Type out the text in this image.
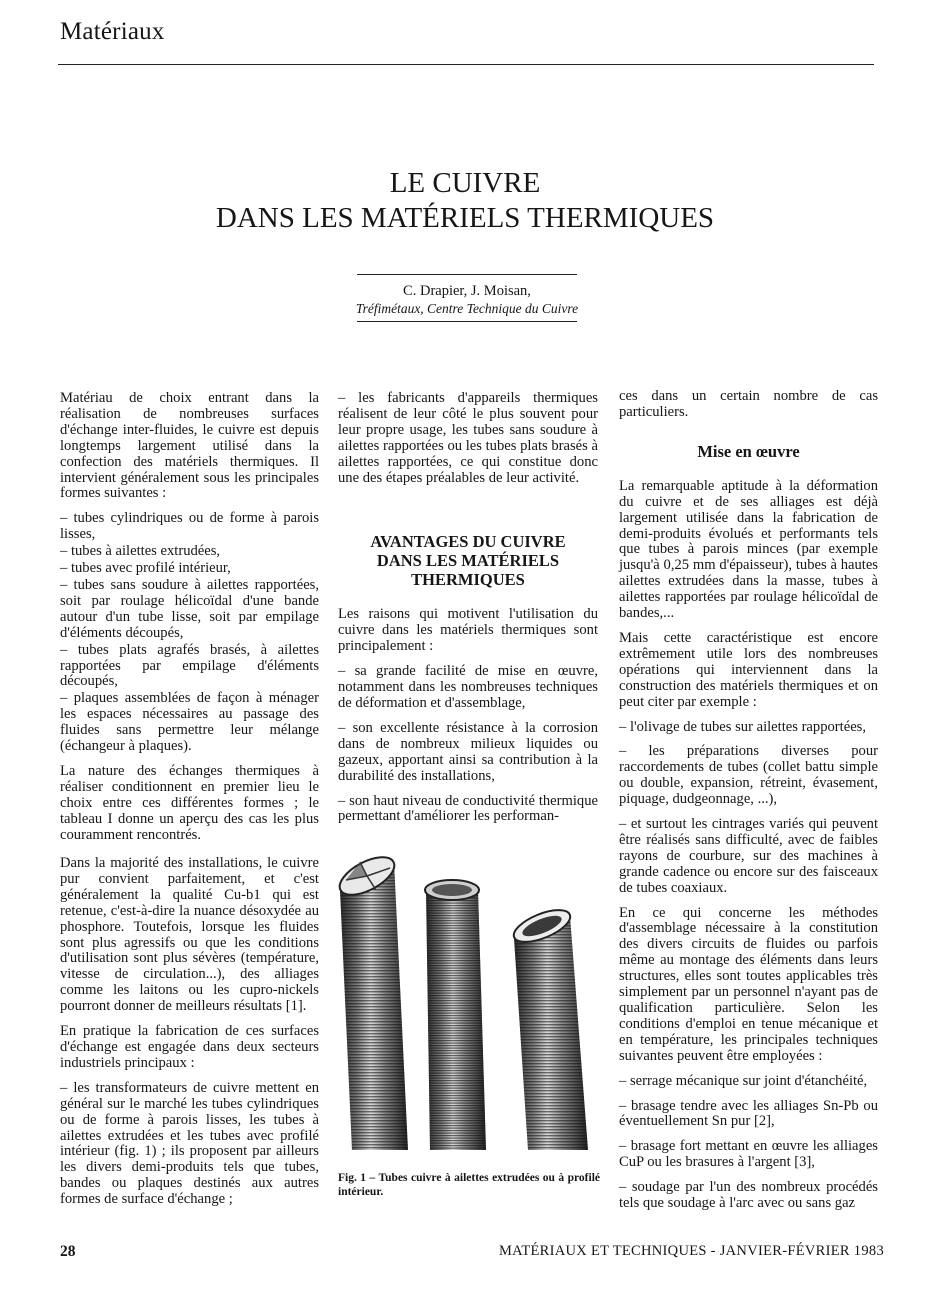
Matériaux
LE CUIVRE
DANS LES MATÉRIELS THERMIQUES
C. Drapier, J. Moisan,
Tréfimétaux, Centre Technique du Cuivre

Matériau de choix entrant dans la réalisation de nombreuses surfaces d'échange inter-fluides, le cuivre est depuis longtemps largement utilisé dans la confection des matériels thermiques. Il intervient généralement sous les principales formes suivantes :

– tubes cylindriques ou de forme à parois lisses,

– tubes à ailettes extrudées,

– tubes avec profilé intérieur,

– tubes sans soudure à ailettes rapportées, soit par roulage hélicoïdal d'une bande autour d'un tube lisse, soit par empilage d'éléments découpés,

– tubes plats agrafés brasés, à ailettes rapportées par empilage d'éléments découpés,

– plaques assemblées de façon à ménager les espaces nécessaires au passage des fluides sans permettre leur mélange (échangeur à plaques).

La nature des échanges thermiques à réaliser conditionnent en premier lieu le choix entre ces différentes formes ; le tableau I donne un aperçu des cas les plus couramment rencontrés.

Dans la majorité des installations, le cuivre pur convient parfaitement, et c'est généralement la qualité Cu-b1 qui est retenue, c'est-à-dire la nuance désoxydée au phosphore. Toutefois, lorsque les fluides sont plus agressifs ou que les conditions d'utilisation sont plus sévères (température, vitesse de circulation...), des alliages comme les laitons ou les cupro-nickels pourront donner de meilleurs résultats [1].

En pratique la fabrication de ces surfaces d'échange est engagée dans deux secteurs industriels principaux :

– les transformateurs de cuivre mettent en général sur le marché les tubes cylindriques ou de forme à parois lisses, les tubes à ailettes extrudées et les tubes avec profilé intérieur (fig. 1) ; ils proposent par ailleurs les divers demi-produits tels que tubes, bandes ou plaques destinés aux autres formes de surface d'échange ;

– les fabricants d'appareils thermiques réalisent de leur côté le plus souvent pour leur propre usage, les tubes sans soudure à ailettes rapportées ou les tubes plats brasés à ailettes rapportées, ce qui constitue donc une des étapes préalables de leur activité.

AVANTAGES DU CUIVRE
DANS LES MATÉRIELS
THERMIQUES

Les raisons qui motivent l'utilisation du cuivre dans les matériels thermiques sont principalement :

– sa grande facilité de mise en œuvre, notamment dans les nombreuses techniques de déformation et d'assemblage,

– son excellente résistance à la corrosion dans de nombreux milieux liquides ou gazeux, apportant ainsi sa contribution à la durabilité des installations,

– son haut niveau de conductivité thermique permettant d'améliorer les performan-

Fig. 1 – Tubes cuivre à ailettes extrudées ou à profilé intérieur.

ces dans un certain nombre de cas particuliers.

Mise en œuvre

La remarquable aptitude à la déformation du cuivre et de ses alliages est déjà largement utilisée dans la fabrication de demi-produits évolués et performants tels que tubes à parois minces (par exemple jusqu'à 0,25 mm d'épaisseur), tubes à hautes ailettes extrudées dans la masse, tubes à ailettes rapportées par roulage hélicoïdal de bandes,...

Mais cette caractéristique est encore extrêmement utile lors des nombreuses opérations qui interviennent dans la construction des matériels thermiques et on peut citer par exemple :

– l'olivage de tubes sur ailettes rapportées,

– les préparations diverses pour raccordements de tubes (collet battu simple ou double, expansion, rétreint, évasement, piquage, dudgeonnage, ...),

– et surtout les cintrages variés qui peuvent être réalisés sans difficulté, avec de faibles rayons de courbure, sur des machines à grande cadence ou encore sur des faisceaux de tubes coaxiaux.

En ce qui concerne les méthodes d'assemblage nécessaire à la constitution des divers circuits de fluides ou parfois même au montage des éléments dans leurs structures, elles sont toutes applicables très simplement par un personnel n'ayant pas de qualification particulière. Selon les conditions d'emploi en tenue mécanique et en température, les principales techniques suivantes peuvent être employées :

– serrage mécanique sur joint d'étanchéité,

– brasage tendre avec les alliages Sn-Pb ou éventuellement Sn pur [2],

– brasage fort mettant en œuvre les alliages CuP ou les brasures à l'argent [3],

– soudage par l'un des nombreux procédés tels que soudage à l'arc avec ou sans gaz

28	MATÉRIAUX ET TECHNIQUES - JANVIER-FÉVRIER 1983
